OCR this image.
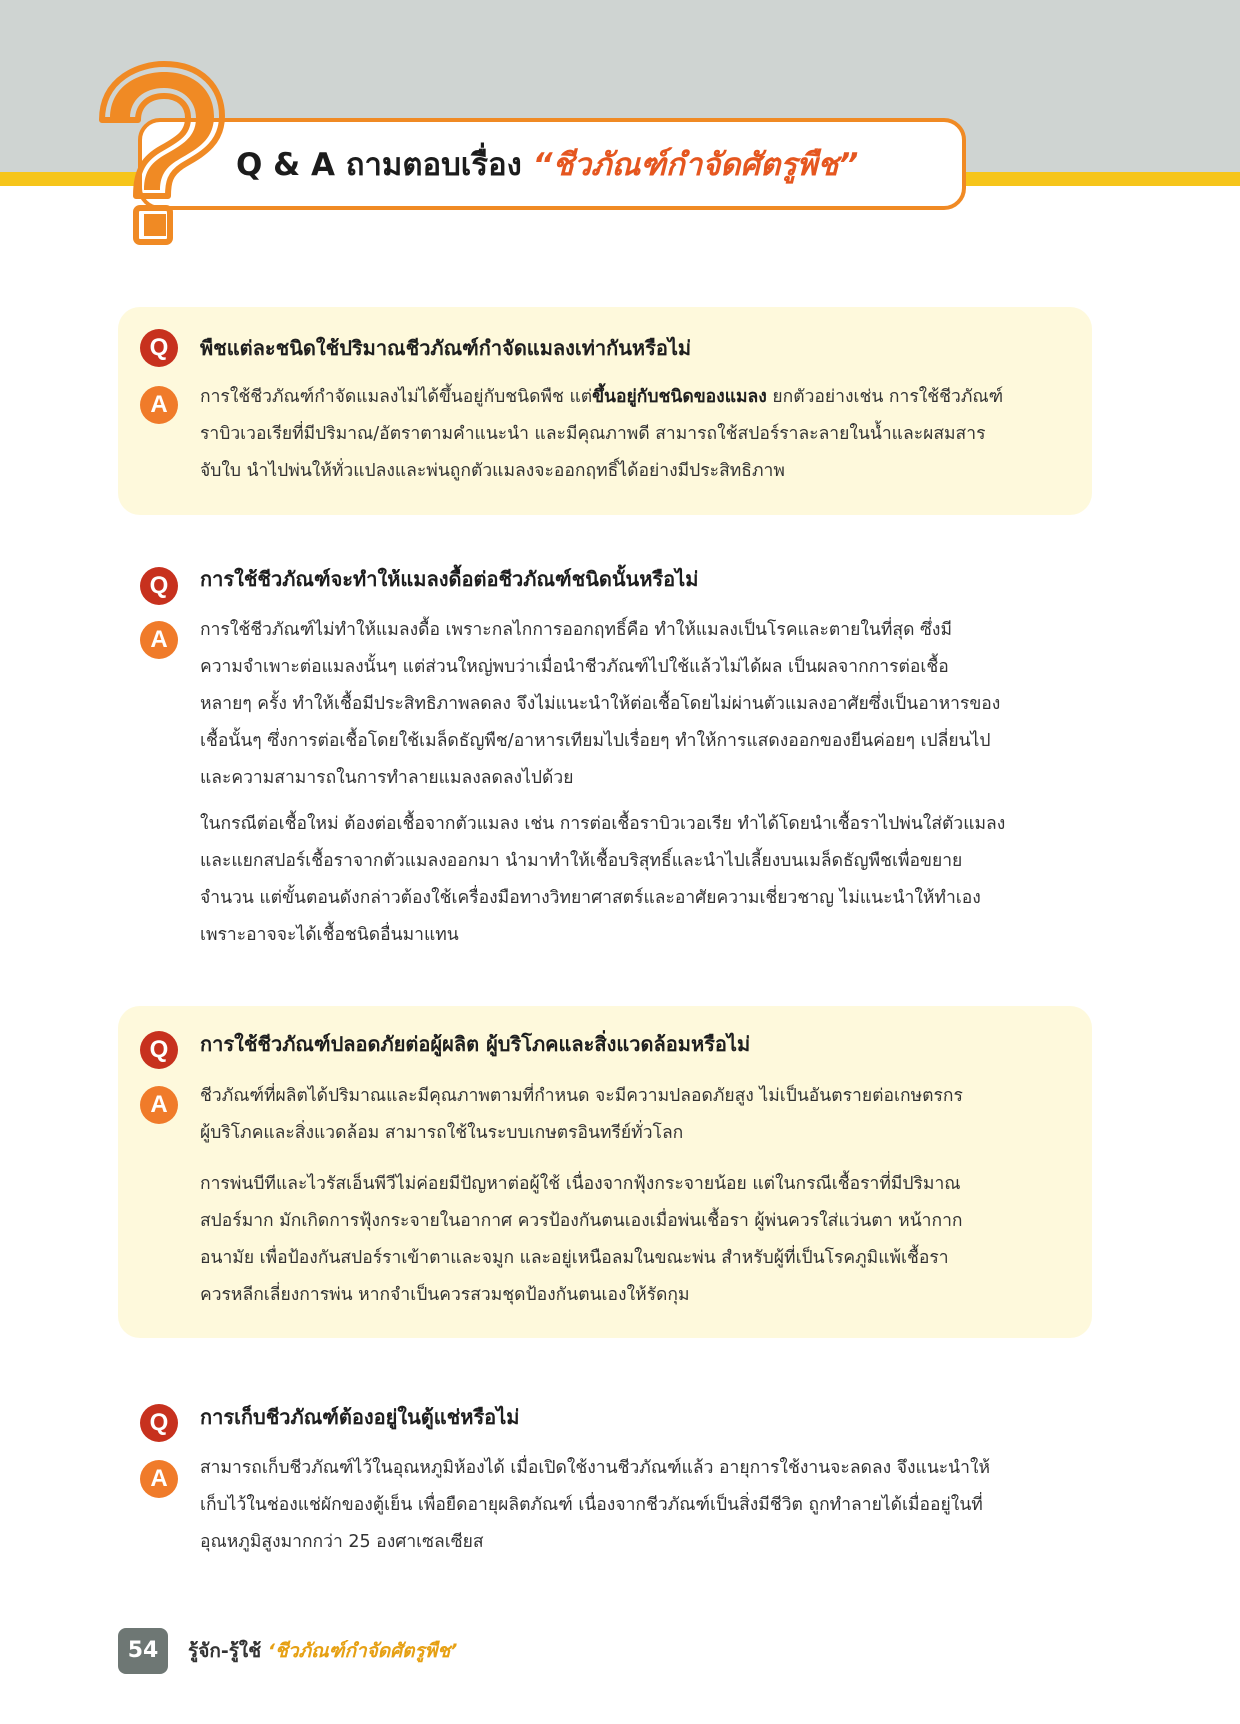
Q & A ถามตอบเรื่อง “ชีวภัณฑ์กำจัดศัตรูพืช”
Q	พืชแต่ละชนิดใช้ปริมาณชีวภัณฑ์กำจัดแมลงเท่ากันหรือไม่
A	การใช้ชีวภัณฑ์กำจัดแมลงไม่ได้ขึ้นอยู่กับชนิดพืช แต่ขึ้นอยู่กับชนิดของแมลง ยกตัวอย่างเช่น การใช้ชีวภัณฑ์
ราบิวเวอเรียที่มีปริมาณ/อัตราตามคำแนะนำ และมีคุณภาพดี สามารถใช้สปอร์ราละลายในน้ำและผสมสาร
จับใบ นำไปพ่นให้ทั่วแปลงและพ่นถูกตัวแมลงจะออกฤทธิ์ได้อย่างมีประสิทธิภาพ
Q	การใช้ชีวภัณฑ์จะทำให้แมลงดื้อต่อชีวภัณฑ์ชนิดนั้นหรือไม่
A	การใช้ชีวภัณฑ์ไม่ทำให้แมลงดื้อ เพราะกลไกการออกฤทธิ์คือ ทำให้แมลงเป็นโรคและตายในที่สุด ซึ่งมี
ความจำเพาะต่อแมลงนั้นๆ แต่ส่วนใหญ่พบว่าเมื่อนำชีวภัณฑ์ไปใช้แล้วไม่ได้ผล เป็นผลจากการต่อเชื้อ
หลายๆ ครั้ง ทำให้เชื้อมีประสิทธิภาพลดลง จึงไม่แนะนำให้ต่อเชื้อโดยไม่ผ่านตัวแมลงอาศัยซึ่งเป็นอาหารของ
เชื้อนั้นๆ ซึ่งการต่อเชื้อโดยใช้เมล็ดธัญพืช/อาหารเทียมไปเรื่อยๆ ทำให้การแสดงออกของยีนค่อยๆ เปลี่ยนไป
และความสามารถในการทำลายแมลงลดลงไปด้วย
ในกรณีต่อเชื้อใหม่ ต้องต่อเชื้อจากตัวแมลง เช่น การต่อเชื้อราบิวเวอเรีย ทำได้โดยนำเชื้อราไปพ่นใส่ตัวแมลง
และแยกสปอร์เชื้อราจากตัวแมลงออกมา นำมาทำให้เชื้อบริสุทธิ์และนำไปเลี้ยงบนเมล็ดธัญพืชเพื่อขยาย
จำนวน แต่ขั้นตอนดังกล่าวต้องใช้เครื่องมือทางวิทยาศาสตร์และอาศัยความเชี่ยวชาญ ไม่แนะนำให้ทำเอง
เพราะอาจจะได้เชื้อชนิดอื่นมาแทน
Q	การใช้ชีวภัณฑ์ปลอดภัยต่อผู้ผลิต ผู้บริโภคและสิ่งแวดล้อมหรือไม่
A	ชีวภัณฑ์ที่ผลิตได้ปริมาณและมีคุณภาพตามที่กำหนด จะมีความปลอดภัยสูง ไม่เป็นอันตรายต่อเกษตรกร
ผู้บริโภคและสิ่งแวดล้อม สามารถใช้ในระบบเกษตรอินทรีย์ทั่วโลก
การพ่นบีทีและไวรัสเอ็นพีวีไม่ค่อยมีปัญหาต่อผู้ใช้ เนื่องจากฟุ้งกระจายน้อย แต่ในกรณีเชื้อราที่มีปริมาณ
สปอร์มาก มักเกิดการฟุ้งกระจายในอากาศ ควรป้องกันตนเองเมื่อพ่นเชื้อรา ผู้พ่นควรใส่แว่นตา หน้ากาก
อนามัย เพื่อป้องกันสปอร์ราเข้าตาและจมูก และอยู่เหนือลมในขณะพ่น สำหรับผู้ที่เป็นโรคภูมิแพ้เชื้อรา
ควรหลีกเลี่ยงการพ่น หากจำเป็นควรสวมชุดป้องกันตนเองให้รัดกุม
Q	การเก็บชีวภัณฑ์ต้องอยู่ในตู้แช่หรือไม่
A	สามารถเก็บชีวภัณฑ์ไว้ในอุณหภูมิห้องได้ เมื่อเปิดใช้งานชีวภัณฑ์แล้ว อายุการใช้งานจะลดลง จึงแนะนำให้
เก็บไว้ในช่องแช่ผักของตู้เย็น เพื่อยืดอายุผลิตภัณฑ์ เนื่องจากชีวภัณฑ์เป็นสิ่งมีชีวิต ถูกทำลายได้เมื่ออยู่ในที่
อุณหภูมิสูงมากกว่า 25 องศาเซลเซียส
54	รู้จัก-รู้ใช้ ‘ชีวภัณฑ์กำจัดศัตรูพืช’
